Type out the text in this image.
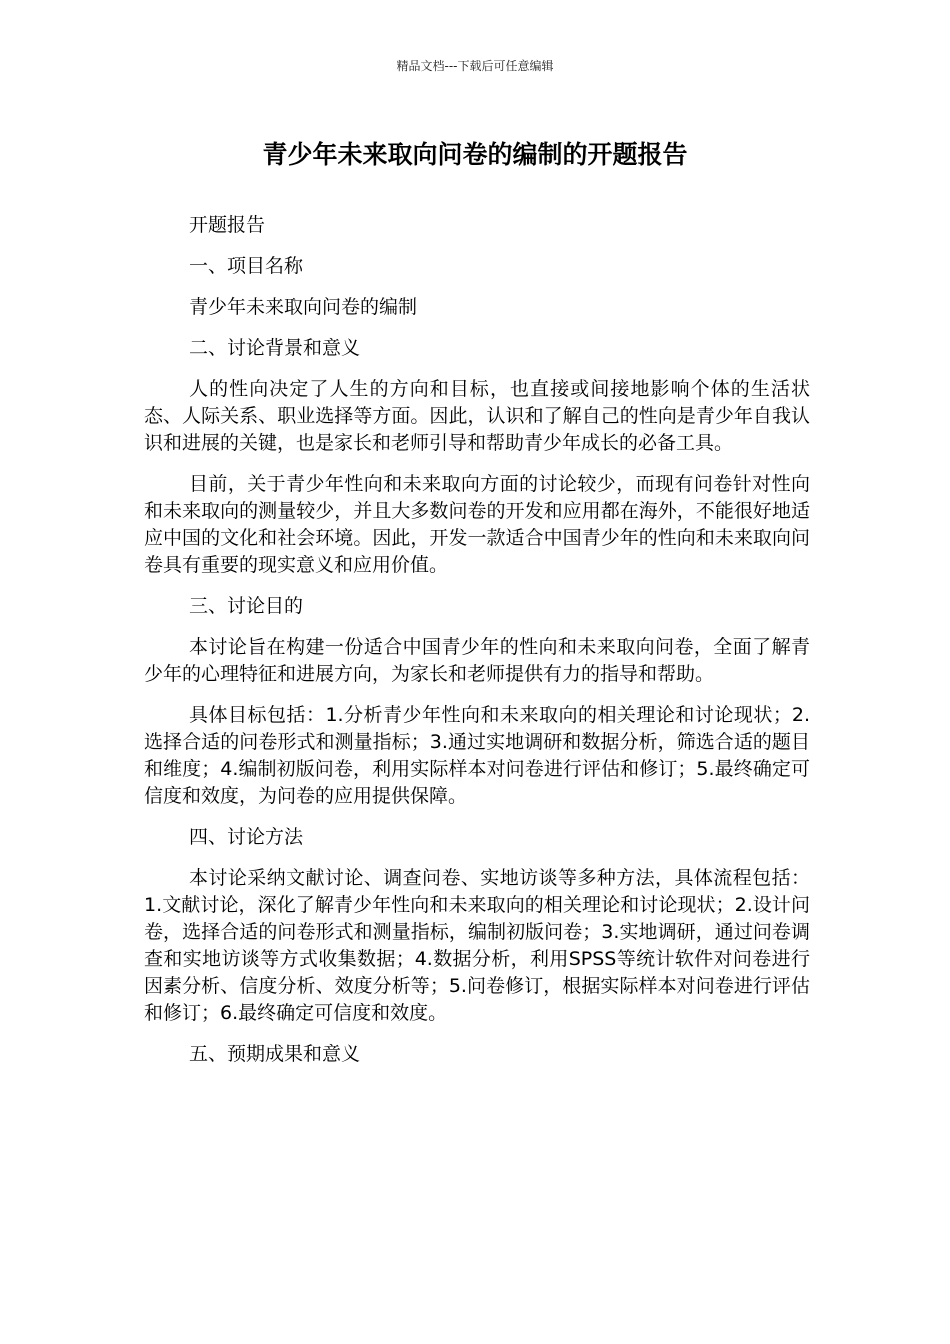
精品文档---下载后可任意编辑
青少年未来取向问卷的编制的开题报告

开题报告

一、项目名称

青少年未来取向问卷的编制

二、讨论背景和意义

人的性向决定了人生的方向和目标，也直接或间接地影响个体的生活状态、人际关系、职业选择等方面。因此，认识和了解自己的性向是青少年自我认识和进展的关键，也是家长和老师引导和帮助青少年成长的必备工具。

目前，关于青少年性向和未来取向方面的讨论较少，而现有问卷针对性向和未来取向的测量较少，并且大多数问卷的开发和应用都在海外，不能很好地适应中国的文化和社会环境。因此，开发一款适合中国青少年的性向和未来取向问卷具有重要的现实意义和应用价值。

三、讨论目的

本讨论旨在构建一份适合中国青少年的性向和未来取向问卷，全面了解青少年的心理特征和进展方向，为家长和老师提供有力的指导和帮助。

具体目标包括：1.分析青少年性向和未来取向的相关理论和讨论现状；2.选择合适的问卷形式和测量指标；3.通过实地调研和数据分析，筛选合适的题目和维度；4.编制初版问卷，利用实际样本对问卷进行评估和修订；5.最终确定可信度和效度，为问卷的应用提供保障。

四、讨论方法

本讨论采纳文献讨论、调查问卷、实地访谈等多种方法，具体流程包括：1.文献讨论，深化了解青少年性向和未来取向的相关理论和讨论现状；2.设计问卷，选择合适的问卷形式和测量指标，编制初版问卷；3.实地调研，通过问卷调查和实地访谈等方式收集数据；4.数据分析，利用SPSS等统计软件对问卷进行因素分析、信度分析、效度分析等；5.问卷修订，根据实际样本对问卷进行评估和修订；6.最终确定可信度和效度。

五、预期成果和意义
